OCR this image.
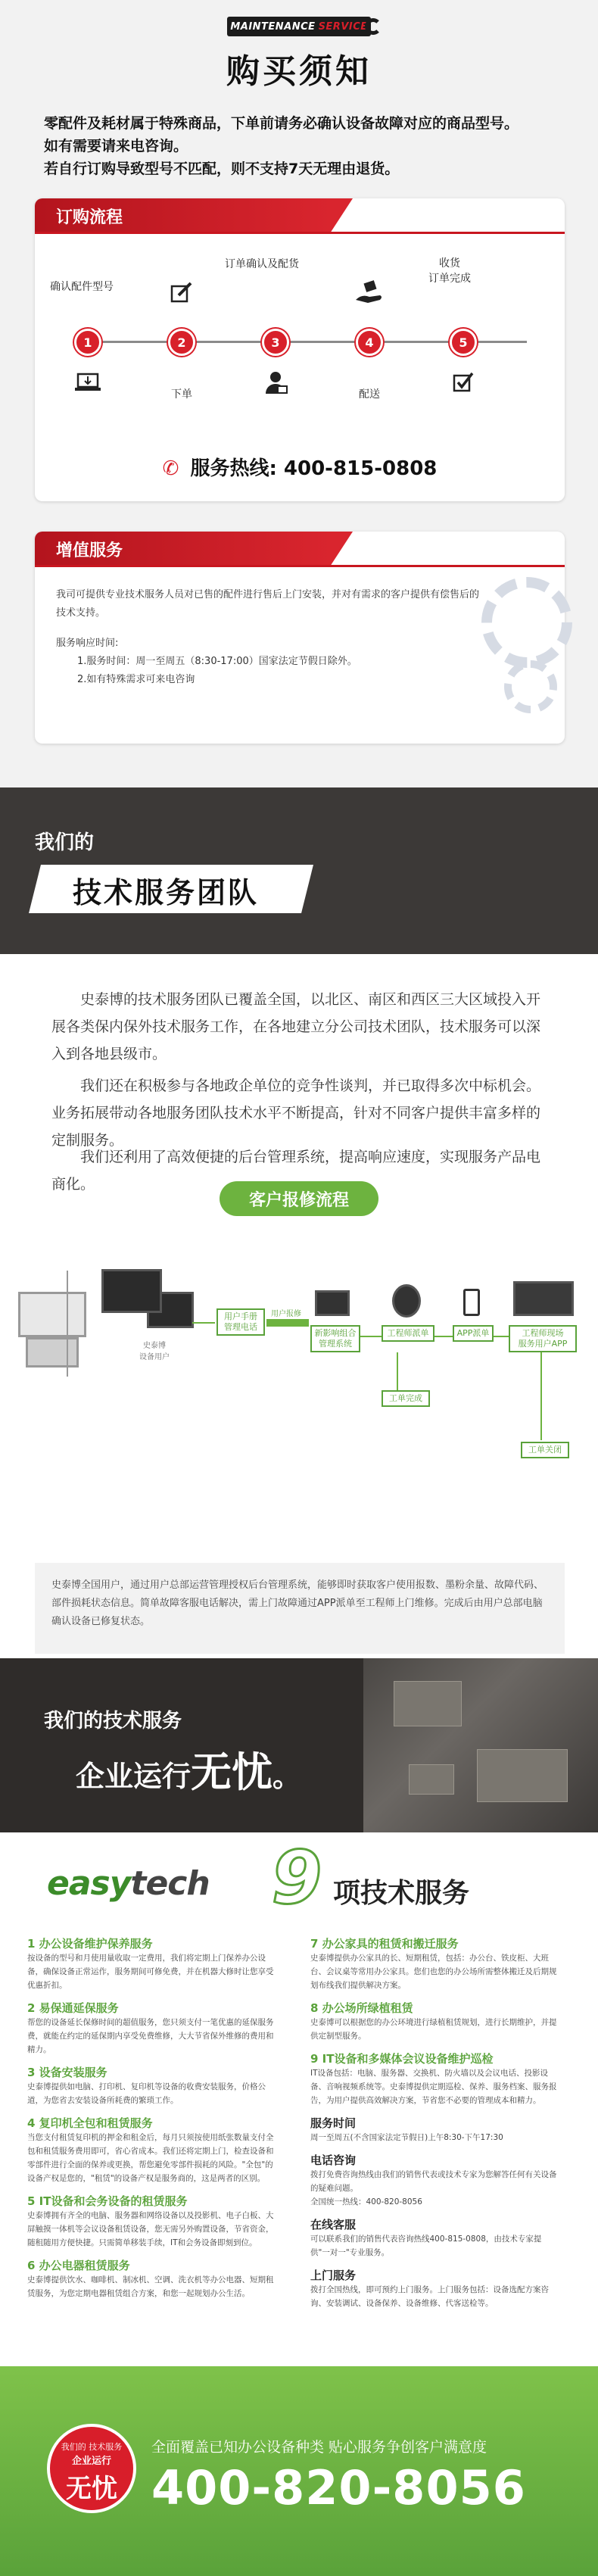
MAINTENANCE SERVICE
购买须知
零配件及耗材属于特殊商品，下单前请务必确认设备故障对应的商品型号。
如有需要请来电咨询。
若自行订购导致型号不匹配，则不支持7天无理由退货。
订购流程
确认配件型号
1	2
下单
订单确认及配货
3	4
配送
收货
订单完成
5
✆ 服务热线: 400-815-0808
增值服务
我司可提供专业技术服务人员对已售的配件进行售后上门安装，并对有需求的客户提供有偿售后的技术支持。
服务响应时间:
1.服务时间：周一至周五（8:30-17:00）国家法定节假日除外。
2.如有特殊需求可来电咨询
我们的
技术服务团队
史泰博的技术服务团队已覆盖全国，以北区、南区和西区三大区域投入开展各类保内保外技术服务工作，在各地建立分公司技术团队，技术服务可以深入到各地县级市。
我们还在积极参与各地政企单位的竞争性谈判，并已取得多次中标机会。业务拓展带动各地服务团队技术水平不断提高，针对不同客户提供丰富多样的定制服务。
我们还利用了高效便捷的后台管理系统，提高响应速度，实现服务产品电商化。
客户报修流程
史泰博
设备用户
用户手册
管理电话
用户报修
新影响组合
管理系统
工程师派单	APP派单	工程师现场
服务用户APP
工单完成
工单关闭
史泰博全国用户，通过用户总部运营管理授权后台管理系统，能够即时获取客户使用报数、墨粉余量、故障代码、部件损耗状态信息。简单故障客服电话解决，需上门故障通过APP派单至工程师上门维修。完成后由用户总部电脑确认设备已修复状态。
我们的技术服务
企业运行无忧。
easytech 9 项技术服务
1 办公设备维护保养服务
按设备的型号和月使用量收取一定费用，我们将定期上门保养办公设备，确保设备正常运作，服务期间可修免费，并在机器大修时让您享受优惠折扣。
2 易保通延保服务
帮您的设备延长保修时间的超值服务，您只须支付一笔优惠的延保服务费，就能在约定的延保期内享受免费维修，大大节省保外维修的费用和精力。
3 设备安装服务
史泰博提供如电脑、打印机、复印机等设备的收费安装服务，价格公道，为您省去安装设备所耗费的繁琐工作。
4 复印机全包和租赁服务
当您支付租赁复印机的押金和租金后，每月只须按使用纸张数量支付全包和租赁服务费用即可，省心省成本。我们还将定期上门，检查设备和零部件进行全面的保养或更换，帮您避免零部件损耗的风险。"全包"的设备产权是您的，"租赁"的设备产权是服务商的，这是两者的区别。
5 IT设备和会务设备的租赁服务
史泰博拥有齐全的电脑、服务器和网络设备以及投影机、电子白板、大屏触摸一体机等会议设备租赁设备，您无需另外购置设备，节省资金，随租随用方便快捷。只需简单移装手续，IT和会务设备即刻到位。
6 办公电器租赁服务
史泰博提供饮水、咖啡机、制冰机、空调、洗衣机等办公电器、短期租赁服务，为您定期电器租赁组合方案，和您一起规划办公生活。
7 办公家具的租赁和搬迁服务
史泰博提供办公家具的长、短期租赁，包括：办公台、铁皮柜、大班台、会议桌等常用办公家具。您们也您的办公场所需整体搬迁及后期规划布线我们提供解决方案。
8 办公场所绿植租赁
史泰博可以根据您的办公环境进行绿植租赁规划，进行长期维护，并提供定制型服务。
9 IT设备和多媒体会议设备维护巡检
IT设备包括：电脑、服务器、交换机、防火墙以及会议电话、投影设备、音响视频系统等。史泰博提供定期巡检、保养、服务档案、服务报告，为用户提供高效解决方案，节省您不必要的管理成本和精力。
服务时间
周一至周五(不含国家法定节假日)上午8:30-下午17:30
电话咨询
拨打免费咨询热线由我们的销售代表或技术专家为您解答任何有关设备的疑难问题。
全国统一热线：400-820-8056
在线客服
可以联系我们的销售代表咨询热线400-815-0808，由技术专家提供"一对一"专业服务。
上门服务
拨打全国热线，即可预约上门服务。上门服务包括：设备选配方案咨询、安装调试、设备保养、设备维修、代客送检等。
我们的 技术服务
企业运行
无忧
全面覆盖已知办公设备种类 贴心服务争创客户满意度
400-820-8056
